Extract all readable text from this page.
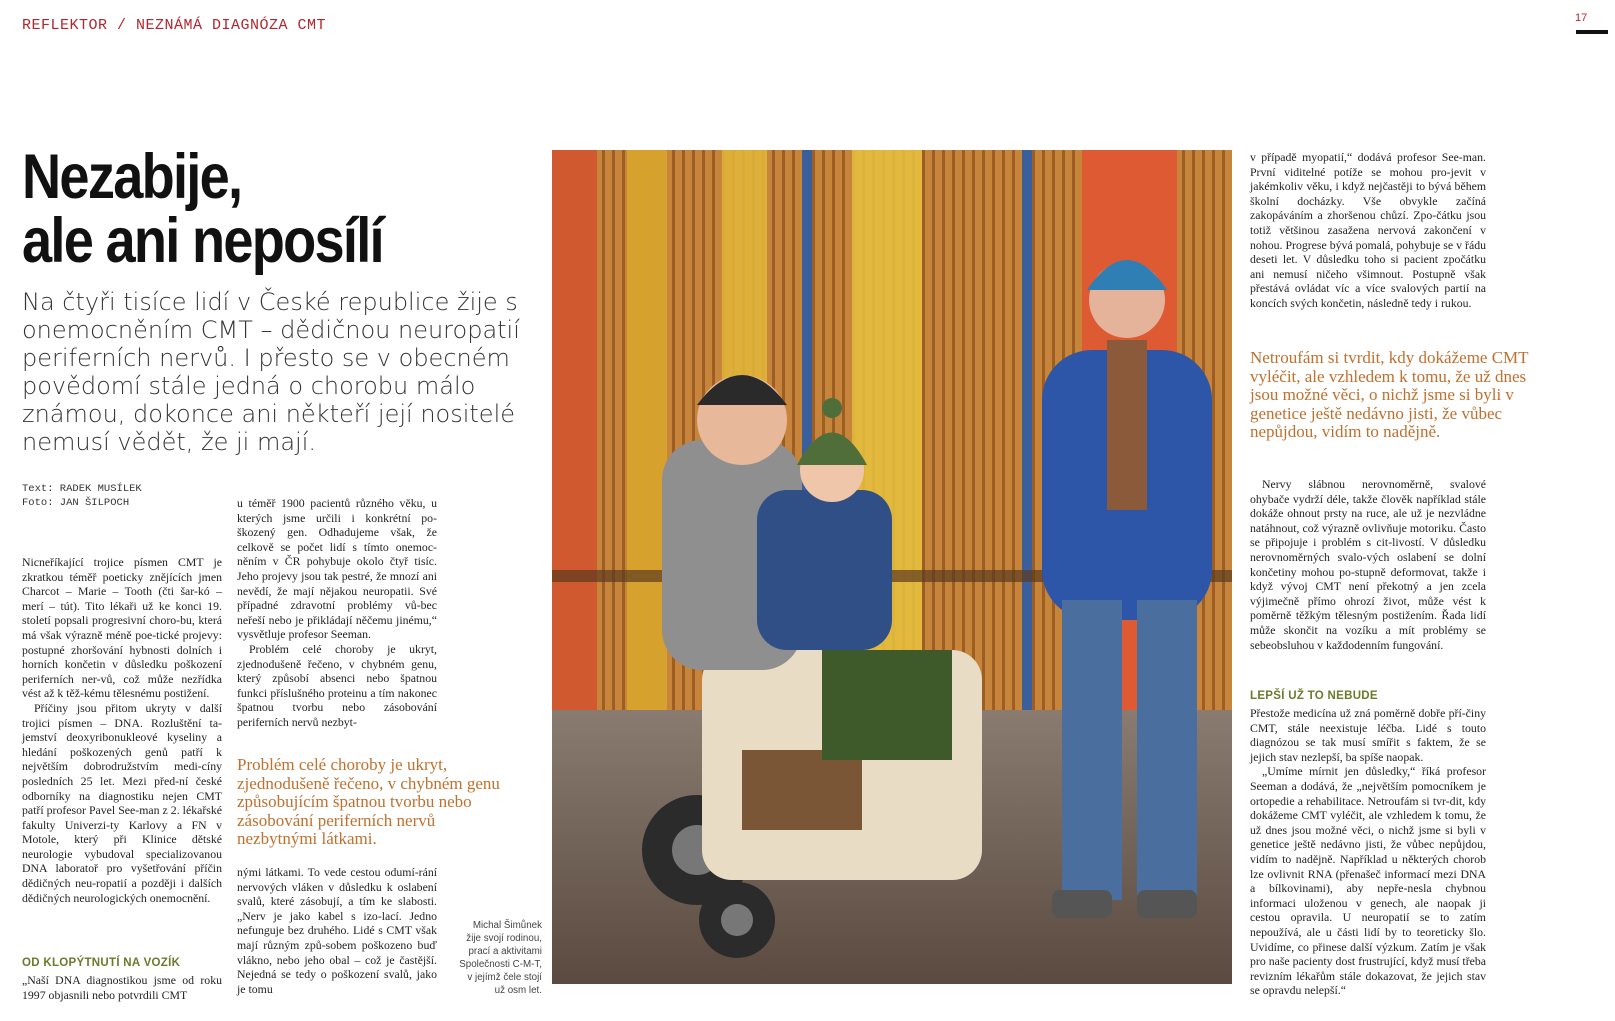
REFLEKTOR / NEZNÁMÁ DIAGNÓZA CMT	17
Nezabije,
ale ani neposílí
Na čtyři tisíce lidí v České republice žije s onemocněním CMT – dědičnou neuropatií periferních nervů. I přesto se v obecném povědomí stále jedná o chorobu málo známou, dokonce ani někteří její nositelé nemusí vědět, že ji mají.
Text: RADEK MUSÍLEK
Foto: JAN ŠILPOCH

Nicneříkající trojice písmen CMT je zkratkou téměř poeticky znějících jmen Charcot – Marie – Tooth (čti šar-kó – merí – tút). Tito lékaři už ke konci 19. století popsali progresivní choro-bu, která má však výrazně méně poe-tické projevy: postupné zhoršování hybnosti dolních i horních končetin v důsledku poškození periferních ner-vů, což může nezřídka vést až k těž-kému tělesnému postižení.

Příčiny jsou přitom ukryty v další trojici písmen – DNA. Rozluštění ta-jemství deoxyribonukleové kyseliny a hledání poškozených genů patří k největším dobrodružstvím medi-cíny posledních 25 let. Mezi před-ní české odborníky na diagnostiku nejen CMT patří profesor Pavel See-man z 2. lékařské fakulty Univerzi-ty Karlovy a FN v Motole, který při Klinice dětské neurologie vybudoval specializovanou DNA laboratoř pro vyšetřování příčin dědičných neu-ropatií a později i dalších dědičných neurologických onemocnění.

OD KLOPÝTNUTÍ NA VOZÍK

„Naší DNA diagnostikou jsme od roku 1997 objasnili nebo potvrdili CMT

u téměř 1900 pacientů různého věku, u kterých jsme určili i konkrétní po-škozený gen. Odhadujeme však, že celkově se počet lidí s tímto onemoc-něním v ČR pohybuje okolo čtyř tisíc. Jeho projevy jsou tak pestré, že mnozí ani nevědí, že mají nějakou neuropatii. Své případné zdravotní problémy vů-bec neřeší nebo je přikládají něčemu jinému,“ vysvětluje profesor Seeman.

Problém celé choroby je ukryt, zjednodušeně řečeno, v chybném genu, který způsobí absenci nebo špatnou funkci příslušného proteinu a tím nakonec špatnou tvorbu nebo zásobování periferních nervů nezbyt-

Problém celé choroby je ukryt, zjednodušeně řečeno, v chybném genu způsobujícím špatnou tvorbu nebo zásobování periferních nervů nezbytnými látkami.

nými látkami. To vede cestou odumí-rání nervových vláken v důsledku k oslabení svalů, které zásobují, a tím ke slabosti. „Nerv je jako kabel s izo-lací. Jedno nefunguje bez druhého. Lidé s CMT však mají různým způ-sobem poškozeno buď vlákno, nebo jeho obal – což je častější. Nejedná se tedy o poškození svalů, jako je tomu

Michal Šimůnek žije svojí rodinou, prací a aktivitami Společnosti C-M-T, v jejímž čele stojí už osm let.

v případě myopatií,“ dodává profesor See-man. První viditelné potíže se mohou pro-jevit v jakémkoliv věku, i když nejčastěji to bývá během školní docházky. Vše obvykle začíná zakopáváním a zhoršenou chůzí. Zpo-čátku jsou totiž většinou zasažena nervová zakončení v nohou. Progrese bývá pomalá, pohybuje se v řádu deseti let. V důsledku toho si pacient zpočátku ani nemusí ničeho všimnout. Postupně však přestává ovládat víc a více svalových partií na koncích svých končetin, následně tedy i rukou.

Netroufám si tvrdit, kdy dokážeme CMT vyléčit, ale vzhledem k tomu, že už dnes jsou možné věci, o nichž jsme si byli v genetice ještě nedávno jisti, že vůbec nepůjdou, vidím to nadějně.

Nervy slábnou nerovnoměrně, svalové ohybače vydrží déle, takže člověk například stále dokáže ohnout prsty na ruce, ale už je nezvládne natáhnout, což výrazně ovlivňuje motoriku. Často se připojuje i problém s cit-livostí. V důsledku nerovnoměrných svalo-vých oslabení se dolní končetiny mohou po-stupně deformovat, takže i když vývoj CMT není překotný a jen zcela výjimečně přímo ohrozí život, může vést k poměrně těžkým tělesným postižením. Řada lidí může skončit na vozíku a mít problémy se sebeobsluhou v každodenním fungování.

LEPŠÍ UŽ TO NEBUDE

Přestože medicína už zná poměrně dobře pří-činy CMT, stále neexistuje léčba. Lidé s touto diagnózou se tak musí smířit s faktem, že se jejich stav nezlepší, ba spíše naopak.

„Umíme mírnit jen důsledky,“ říká profesor Seeman a dodává, že „největším pomocníkem je ortopedie a rehabilitace. Netroufám si tvr-dit, kdy dokážeme CMT vyléčit, ale vzhledem k tomu, že už dnes jsou možné věci, o nichž jsme si byli v genetice ještě nedávno jisti, že vůbec nepůjdou, vidím to nadějně. Například u některých chorob lze ovlivnit RNA (přenašeč informací mezi DNA a bílkovinami), aby nepře-nesla chybnou informaci uloženou v genech, ale naopak ji cestou opravila. U neuropatií se to zatím nepoužívá, ale u části lidí by to teoreticky šlo. Uvidíme, co přinese další výzkum. Zatím je však pro naše pacienty dost frustrující, když musí třeba revizním lékařům stále dokazovat, že jejich stav se opravdu nelepší.“
